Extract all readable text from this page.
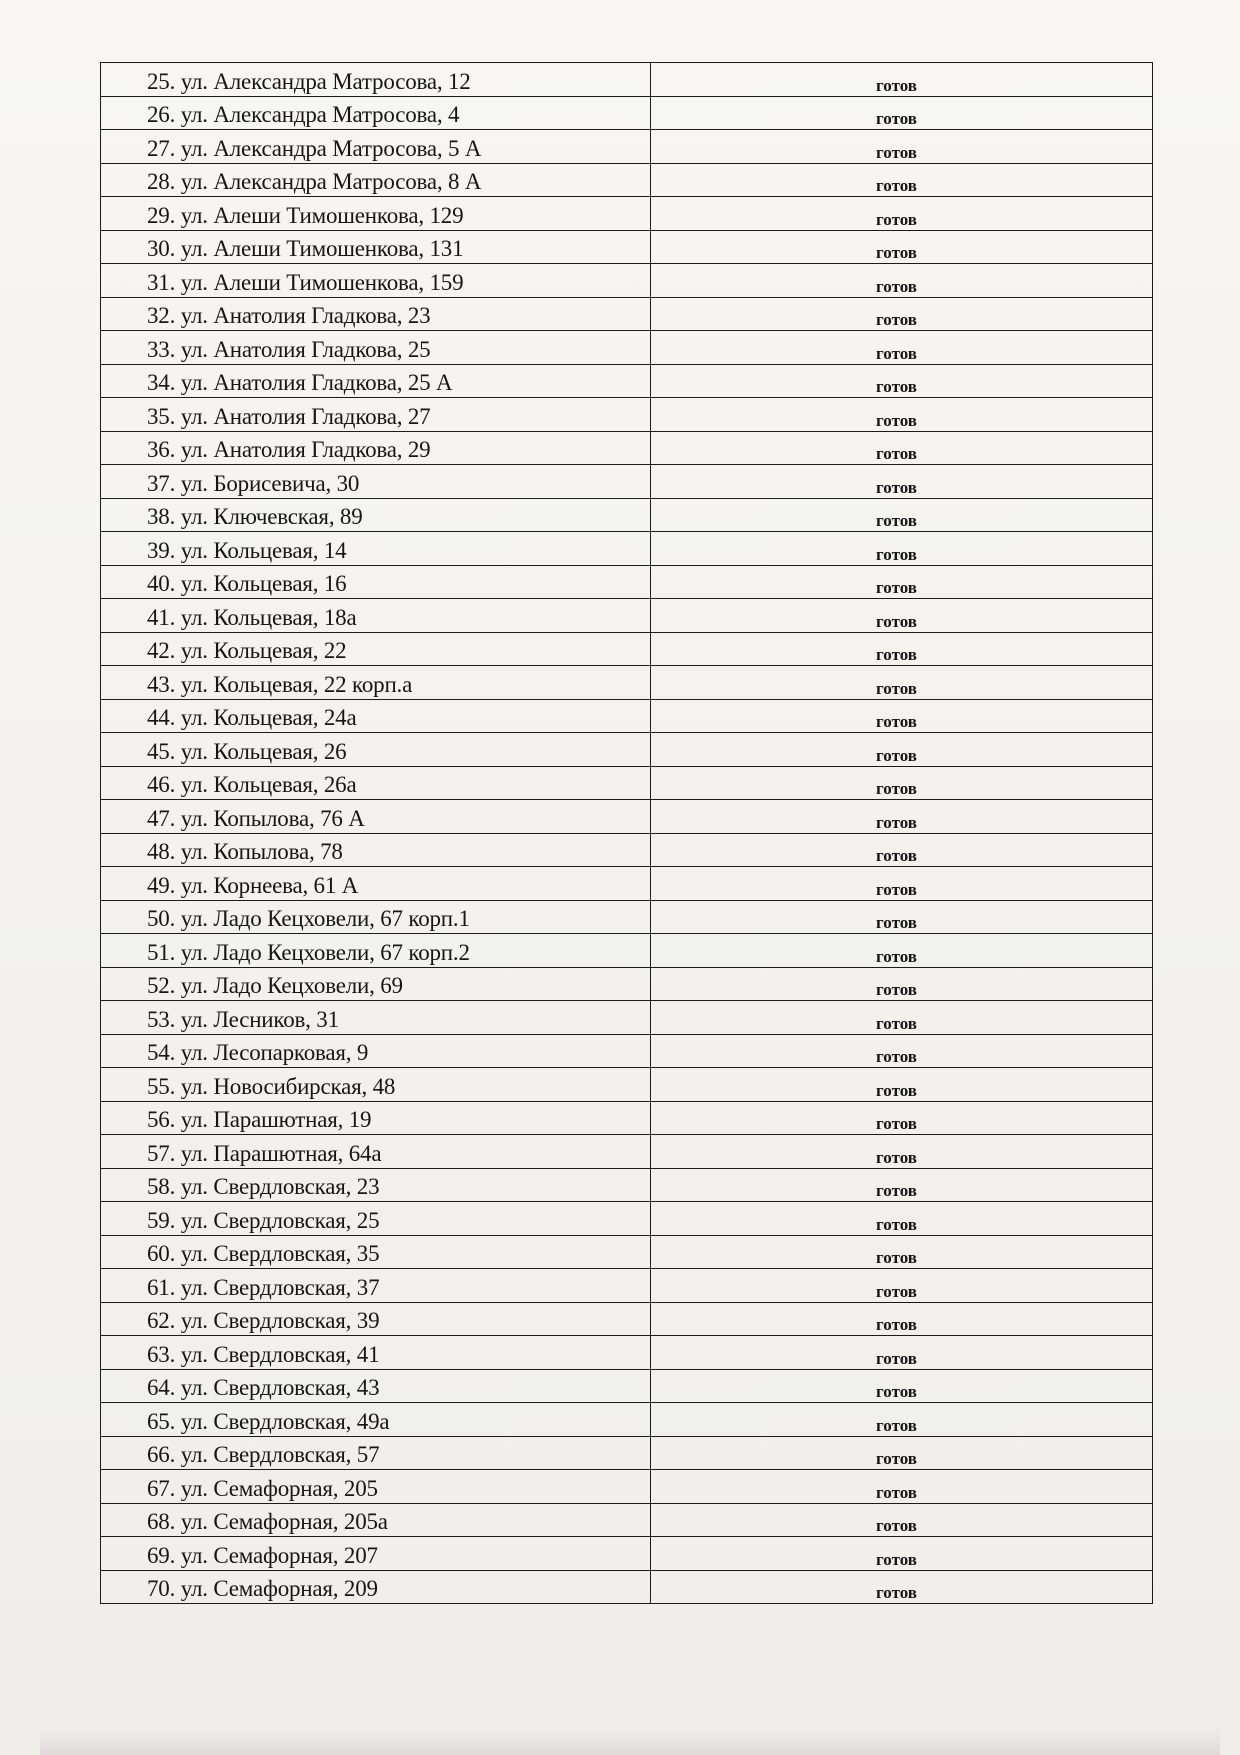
25. ул. Александра Матросова, 12	готов
26. ул. Александра Матросова, 4	готов
27. ул. Александра Матросова, 5 А	готов
28. ул. Александра Матросова, 8 А	готов
29. ул. Алеши Тимошенкова, 129	готов
30. ул. Алеши Тимошенкова, 131	готов
31. ул. Алеши Тимошенкова, 159	готов
32. ул. Анатолия Гладкова, 23	готов
33. ул. Анатолия Гладкова, 25	готов
34. ул. Анатолия Гладкова, 25 А	готов
35. ул. Анатолия Гладкова, 27	готов
36. ул. Анатолия Гладкова, 29	готов
37. ул. Борисевича, 30	готов
38. ул. Ключевская, 89	готов
39. ул. Кольцевая, 14	готов
40. ул. Кольцевая, 16	готов
41. ул. Кольцевая, 18а	готов
42. ул. Кольцевая, 22	готов
43. ул. Кольцевая, 22 корп.а	готов
44. ул. Кольцевая, 24а	готов
45. ул. Кольцевая, 26	готов
46. ул. Кольцевая, 26а	готов
47. ул. Копылова, 76 А	готов
48. ул. Копылова, 78	готов
49. ул. Корнеева, 61 А	готов
50. ул. Ладо Кецховели, 67 корп.1	готов
51. ул. Ладо Кецховели, 67 корп.2	готов
52. ул. Ладо Кецховели, 69	готов
53. ул. Лесников, 31	готов
54. ул. Лесопарковая, 9	готов
55. ул. Новосибирская, 48	готов
56. ул. Парашютная, 19	готов
57. ул. Парашютная, 64а	готов
58. ул. Свердловская, 23	готов
59. ул. Свердловская, 25	готов
60. ул. Свердловская, 35	готов
61. ул. Свердловская, 37	готов
62. ул. Свердловская, 39	готов
63. ул. Свердловская, 41	готов
64. ул. Свердловская, 43	готов
65. ул. Свердловская, 49а	готов
66. ул. Свердловская, 57	готов
67. ул. Семафорная, 205	готов
68. ул. Семафорная, 205а	готов
69. ул. Семафорная, 207	готов
70. ул. Семафорная, 209	готов
